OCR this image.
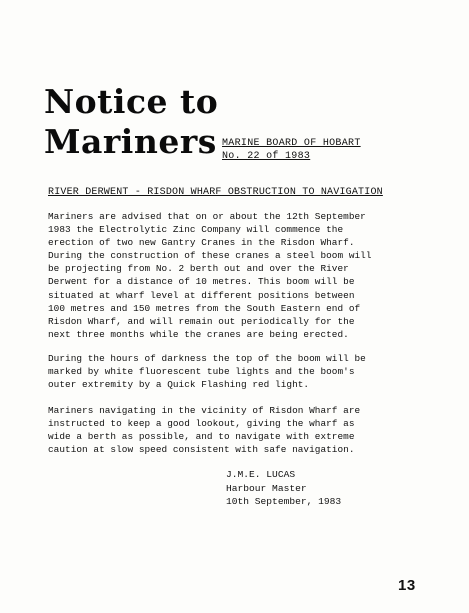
Notice to
Mariners MARINE BOARD OF HOBART
No. 22 of 1983
RIVER DERWENT - RISDON WHARF OBSTRUCTION TO NAVIGATION
Mariners are advised that on or about the 12th September
1983 the Electrolytic Zinc Company will commence the
erection of two new Gantry Cranes in the Risdon Wharf.
During the construction of these cranes a steel boom will
be projecting from No. 2 berth out and over the River
Derwent for a distance of 10 metres. This boom will be
situated at wharf level at different positions between
100 metres and 150 metres from the South Eastern end of
Risdon Wharf, and will remain out periodically for the
next three months while the cranes are being erected.
During the hours of darkness the top of the boom will be
marked by white fluorescent tube lights and the boom's
outer extremity by a Quick Flashing red light.
Mariners navigating in the vicinity of Risdon Wharf are
instructed to keep a good lookout, giving the wharf as
wide a berth as possible, and to navigate with extreme
caution at slow speed consistent with safe navigation.
J.M.E. LUCAS
Harbour Master
10th September, 1983
13
